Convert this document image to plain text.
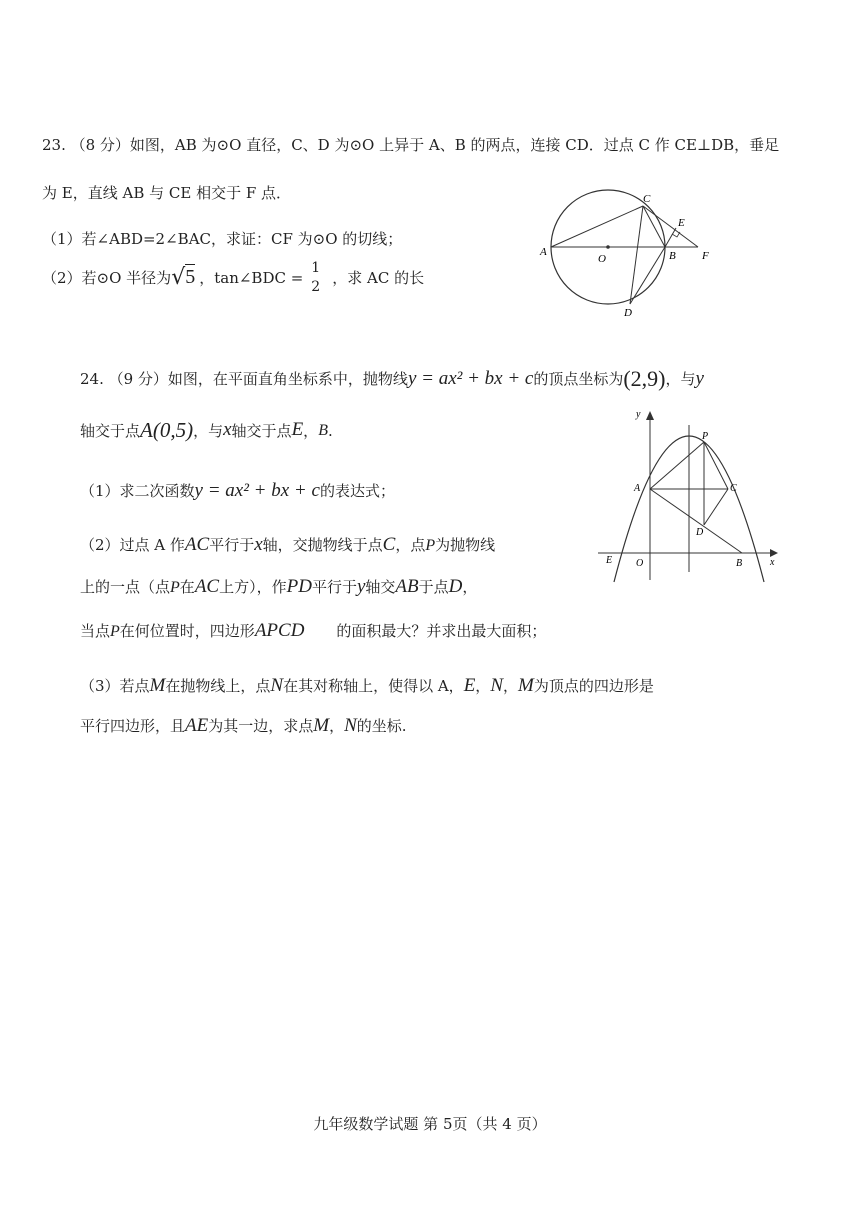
23. （8 分）如图，AB 为⊙O 直径，C、D 为⊙O 上异于 A、B 的两点，连接 CD．过点 C 作 CE⊥DB，垂足
为 E，直线 AB 与 CE 相交于 F 点．
（1）若∠ABD=2∠BAC，求证：CF 为⊙O 的切线；
（2）若⊙O 半径为 √ 5 ，tan∠BDC =
1
2 ，求 AC 的长
A
O	B F
C
D
E
24. （9 分）如图，在平面直角坐标系中，抛物线 y = ax² + bx + c 的顶点坐标为 (2,9) ，与 y
轴交于点 A(0,5) ，与 x 轴交于点 E ， B .
（1）求二次函数 y = ax² + bx + c 的表达式；
（2）过点 A 作 AC 平行于 x 轴，交抛物线于点 C ，点 P 为抛物线
上的一点（点 P 在 AC 上方），作 PD 平行于 y 轴交 AB 于点 D ，
当点 P 在何位置时，四边形 APCD 的面积最大？并求出最大面积；
（3）若点 M 在抛物线上，点 N 在其对称轴上，使得以 A， E ， N ， M 为顶点的四边形是
平行四边形，且 AE 为其一边，求点 M ， N 的坐标.
y
x
P
A	C
D
E O	B
九年级数学试题 第 5页（共 4 页）
